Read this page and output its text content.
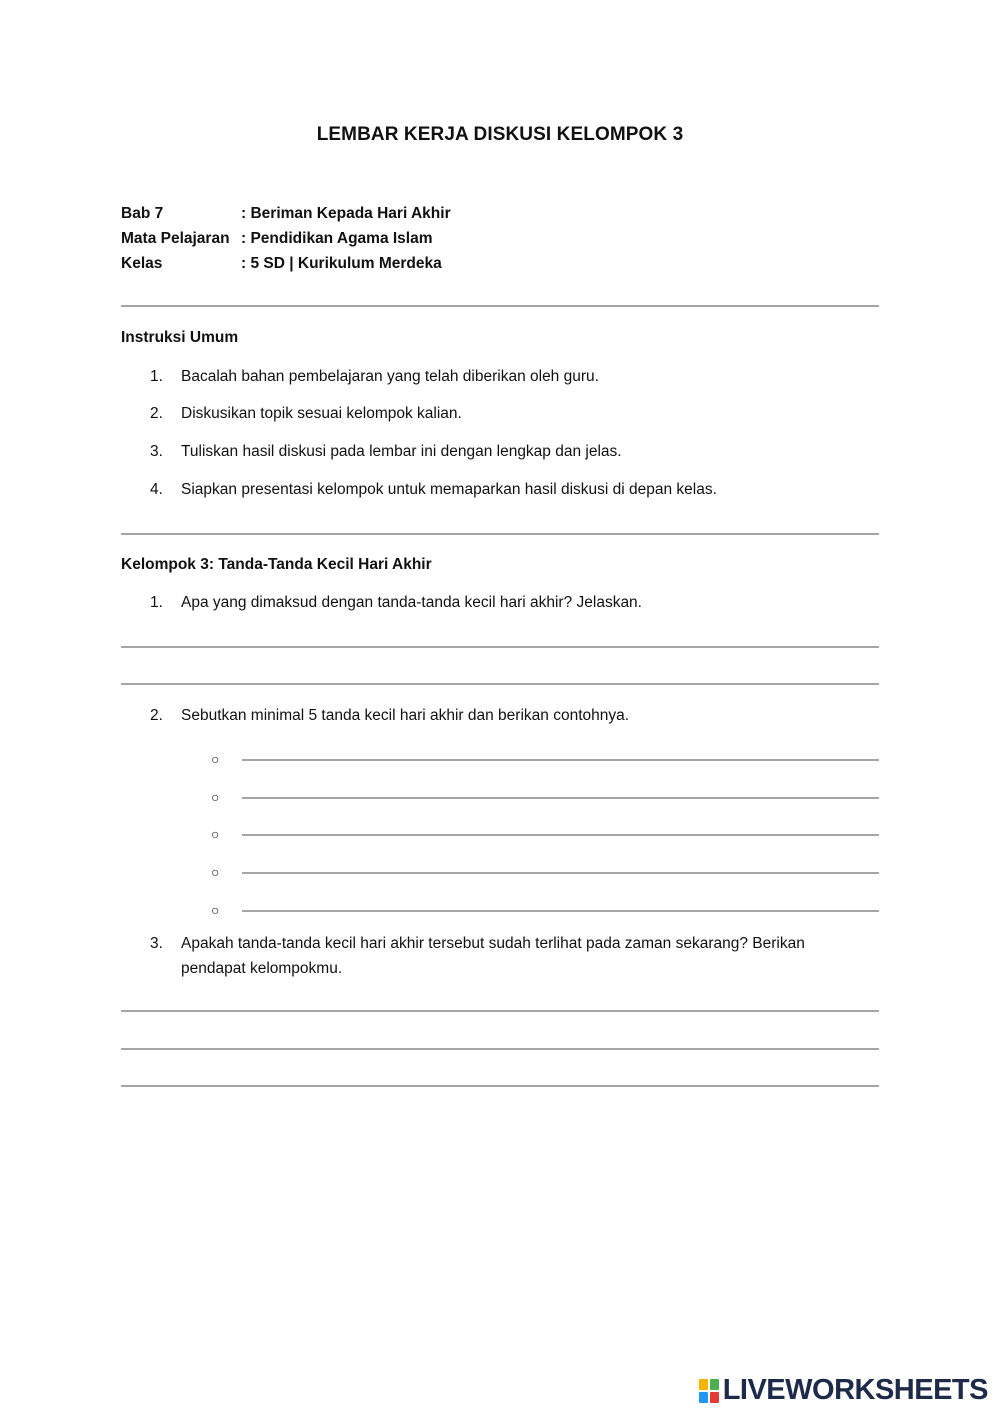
LEMBAR KERJA DISKUSI KELOMPOK 3
Bab 7	: Beriman Kepada Hari Akhir
Mata Pelajaran : Pendidikan Agama Islam
Kelas	: 5 SD | Kurikulum Merdeka
Instruksi Umum
1. Bacalah bahan pembelajaran yang telah diberikan oleh guru.
2. Diskusikan topik sesuai kelompok kalian.
3. Tuliskan hasil diskusi pada lembar ini dengan lengkap dan jelas.
4. Siapkan presentasi kelompok untuk memaparkan hasil diskusi di depan kelas.
Kelompok 3: Tanda-Tanda Kecil Hari Akhir
1. Apa yang dimaksud dengan tanda-tanda kecil hari akhir? Jelaskan.
2. Sebutkan minimal 5 tanda kecil hari akhir dan berikan contohnya.
○
○
○
○
○
3. Apakah tanda-tanda kecil hari akhir tersebut sudah terlihat pada zaman sekarang? Berikan pendapat kelompokmu.
LIVEWORKSHEETS
